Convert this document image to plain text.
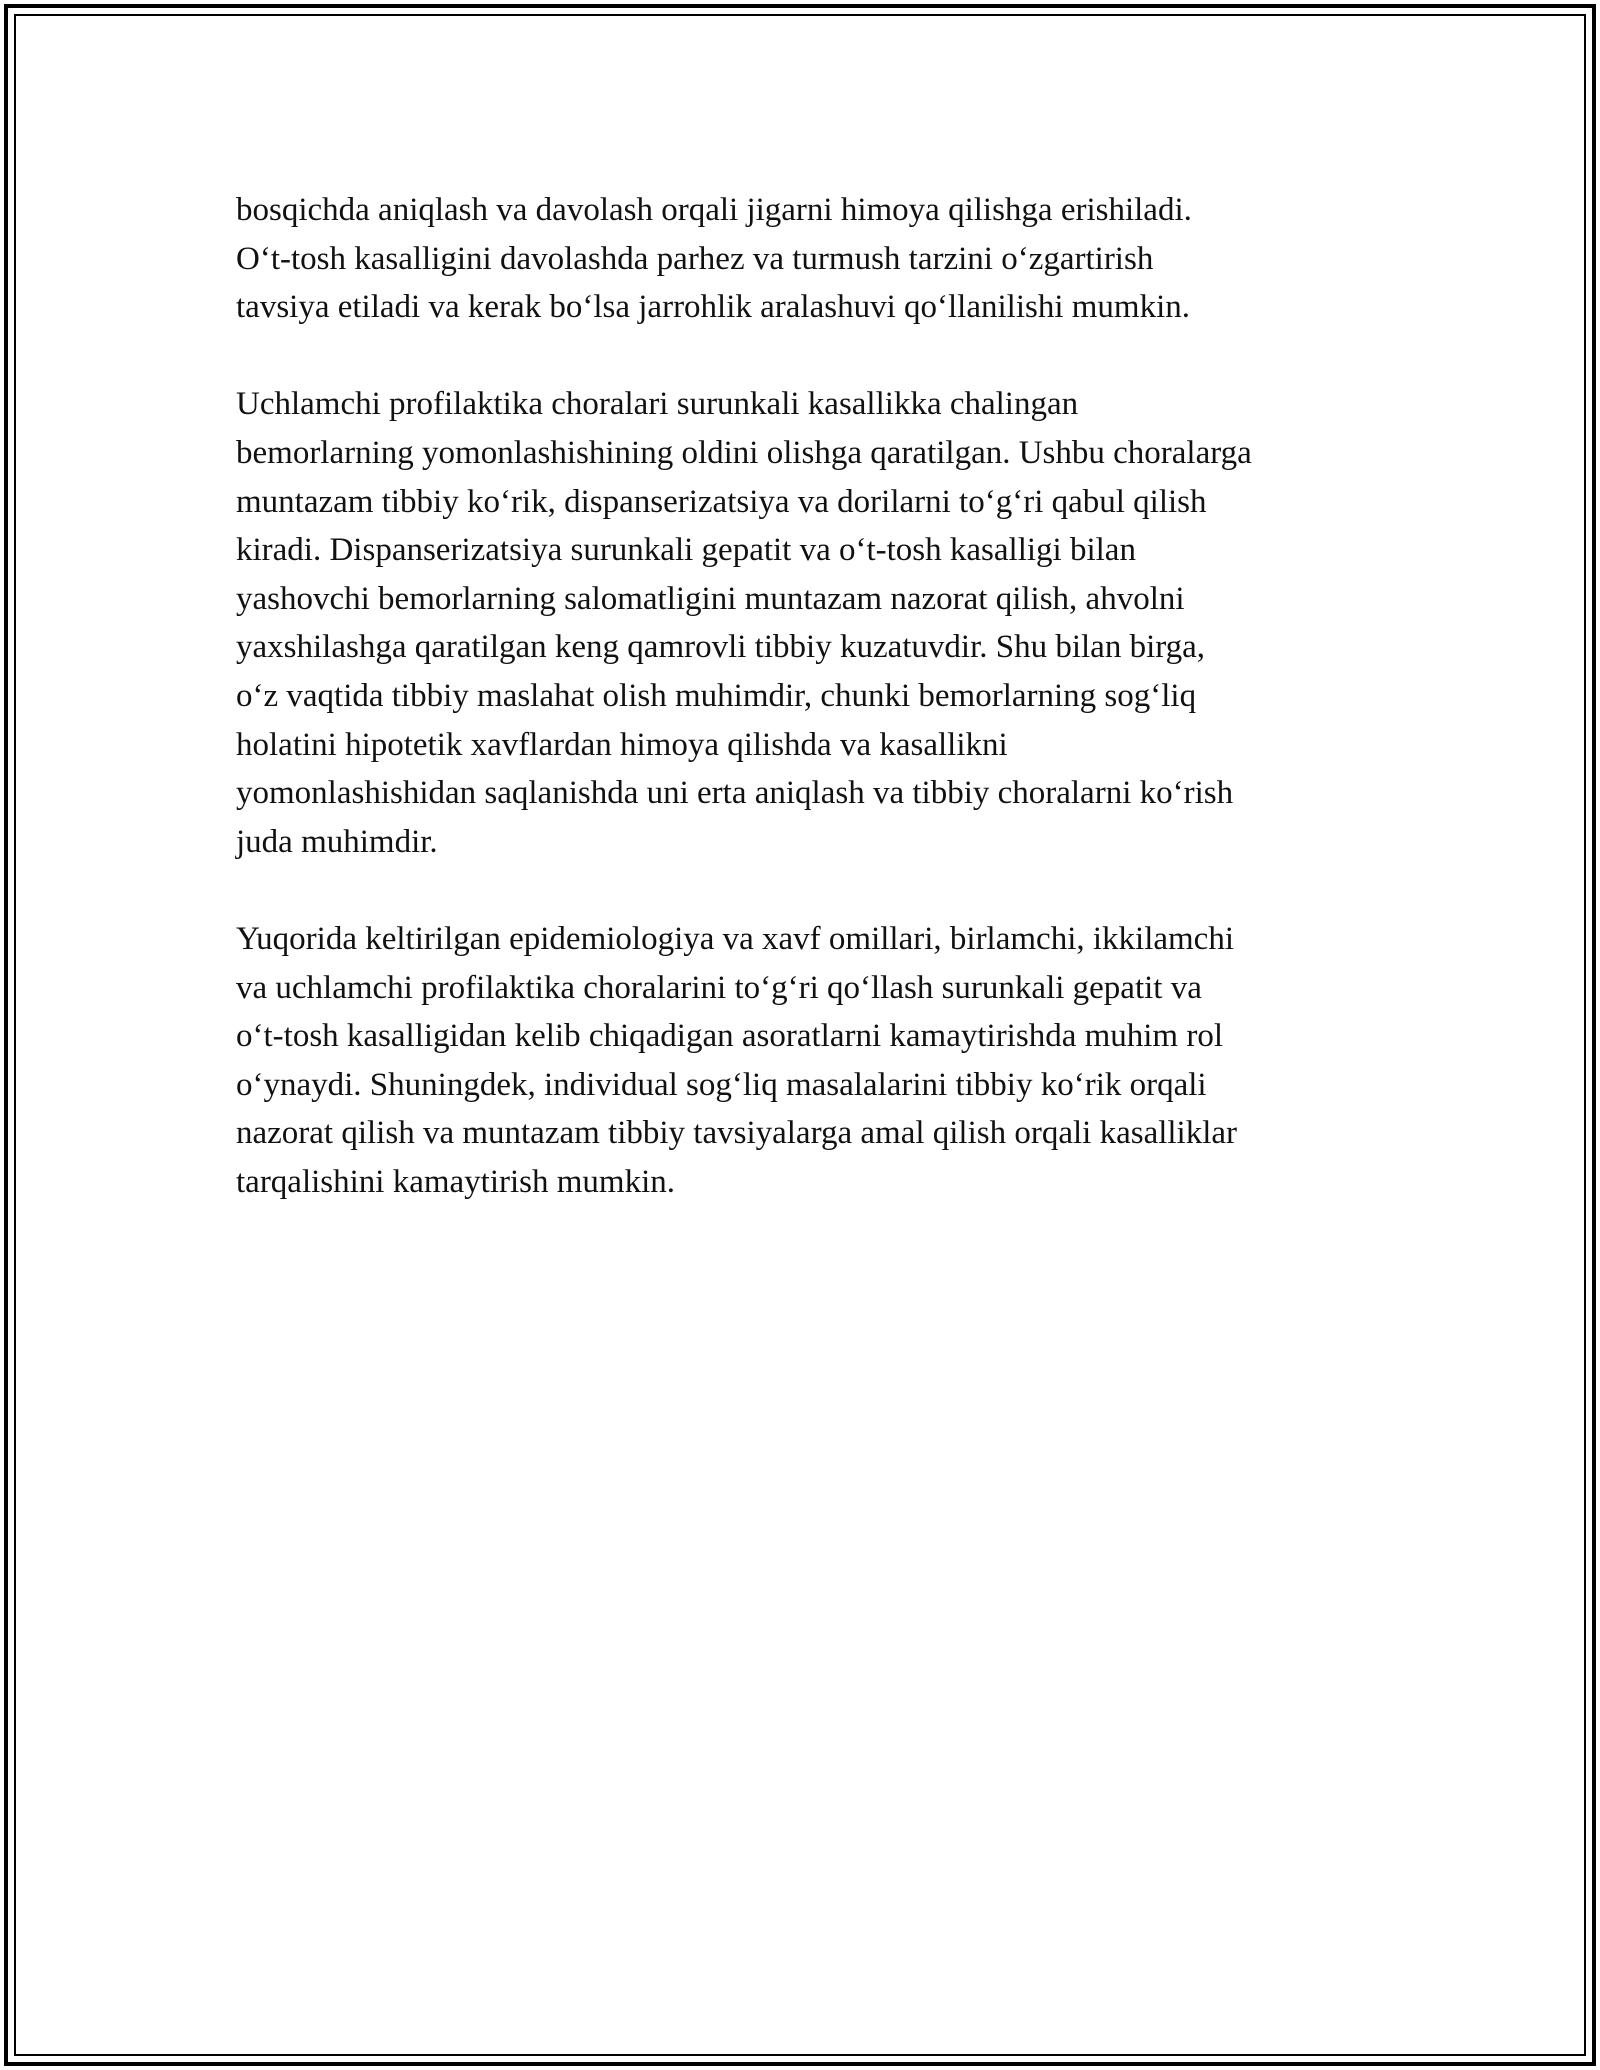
bosqichda aniqlash va davolash orqali jigarni himoya qilishga erishiladi.
O‘t-tosh kasalligini davolashda parhez va turmush tarzini o‘zgartirish
tavsiya etiladi va kerak bo‘lsa jarrohlik aralashuvi qo‘llanilishi mumkin.

Uchlamchi profilaktika choralari surunkali kasallikka chalingan
bemorlarning yomonlashishining oldini olishga qaratilgan. Ushbu choralarga
muntazam tibbiy ko‘rik, dispanserizatsiya va dorilarni to‘g‘ri qabul qilish
kiradi. Dispanserizatsiya surunkali gepatit va o‘t-tosh kasalligi bilan
yashovchi bemorlarning salomatligini muntazam nazorat qilish, ahvolni
yaxshilashga qaratilgan keng qamrovli tibbiy kuzatuvdir. Shu bilan birga,
o‘z vaqtida tibbiy maslahat olish muhimdir, chunki bemorlarning sog‘liq
holatini hipotetik xavflardan himoya qilishda va kasallikni
yomonlashishidan saqlanishda uni erta aniqlash va tibbiy choralarni ko‘rish
juda muhimdir.

Yuqorida keltirilgan epidemiologiya va xavf omillari, birlamchi, ikkilamchi
va uchlamchi profilaktika choralarini to‘g‘ri qo‘llash surunkali gepatit va
o‘t-tosh kasalligidan kelib chiqadigan asoratlarni kamaytirishda muhim rol
o‘ynaydi. Shuningdek, individual sog‘liq masalalarini tibbiy ko‘rik orqali
nazorat qilish va muntazam tibbiy tavsiyalarga amal qilish orqali kasalliklar
tarqalishini kamaytirish mumkin.
